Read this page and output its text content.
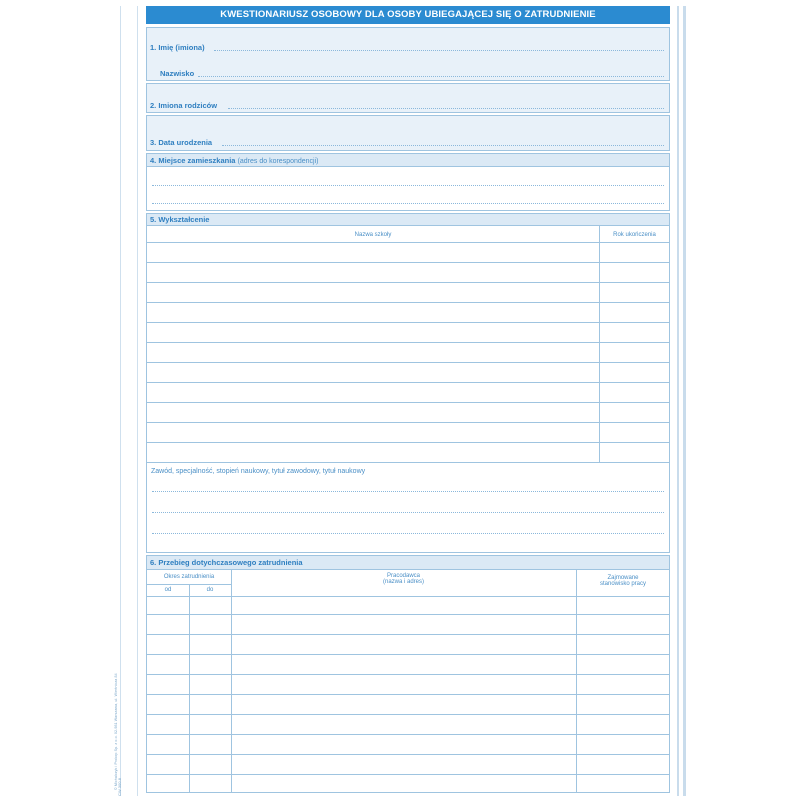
© Michalczyk i Prokop Sp. z o.o. 02-981 Warszawa, ul. Wiertnicza 84 CW 300-8
KWESTIONARIUSZ OSOBOWY DLA OSOBY UBIEGAJĄCEJ SIĘ O ZATRUDNIENIE
1. Imię (imiona)
Nazwisko
2. Imiona rodziców
3. Data urodzenia
4. Miejsce zamieszkania (adres do korespondencji)
5. Wykształcenie
Nazwa szkoły	Rok ukończenia
Zawód, specjalność, stopień naukowy, tytuł zawodowy, tytuł naukowy
6. Przebieg dotychczasowego zatrudnienia
Okres zatrudnienia
od	do
Pracodawca
(nazwa i adres)
Zajmowane
stanowisko pracy
